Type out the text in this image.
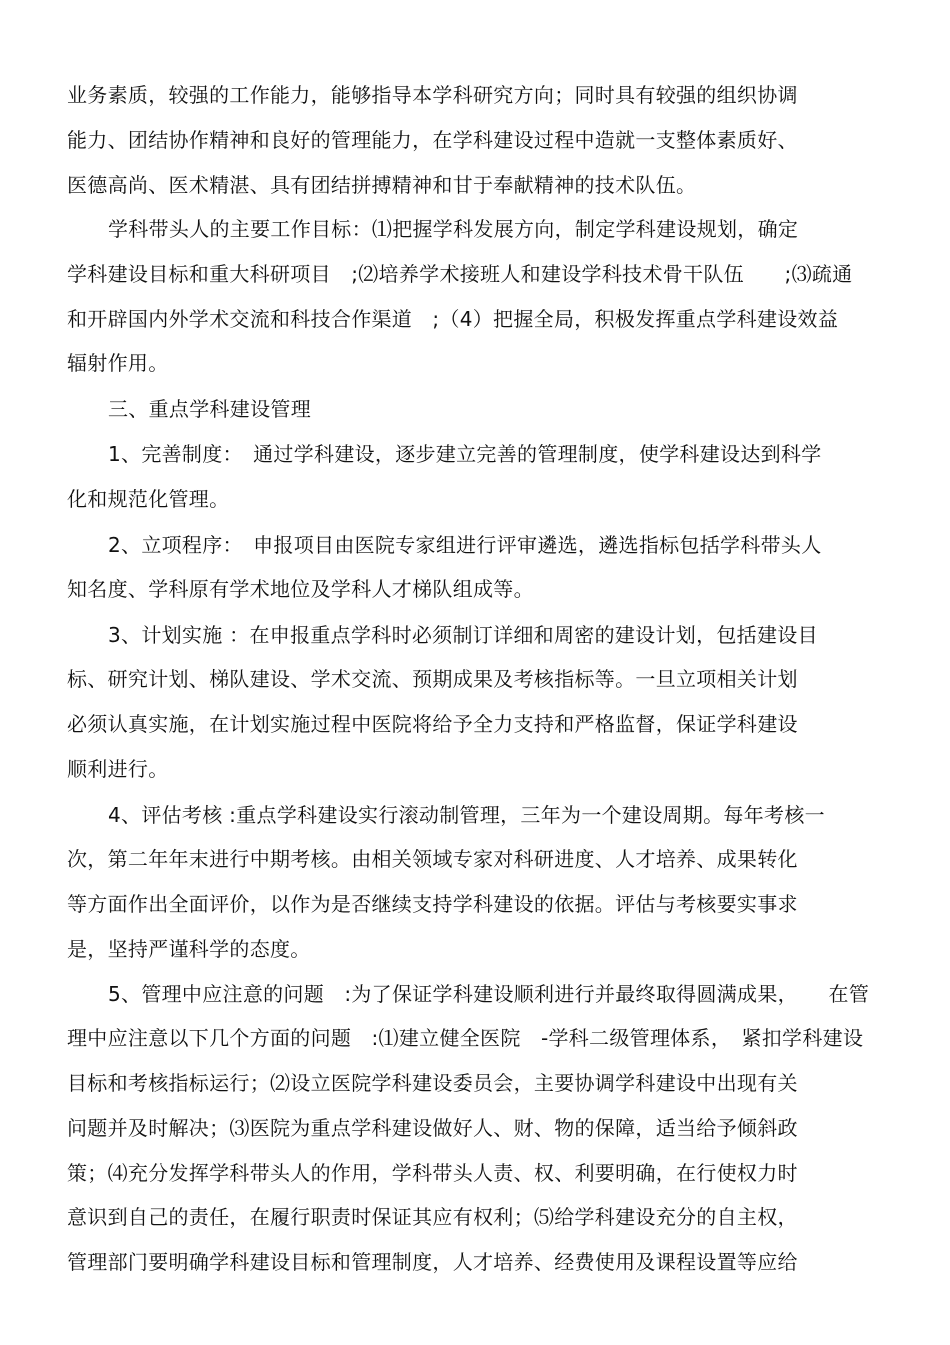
业务素质，较强的工作能力，能够指导本学科研究方向；同时具有较强的组织协调
能力、团结协作精神和良好的管理能力，在学科建设过程中造就一支整体素质好、
医德高尚、医术精湛、具有团结拼搏精神和甘于奉献精神的技术队伍。
学科带头人的主要工作目标：⑴把握学科发展方向，制定学科建设规划，确定
学科建设目标和重大科研项目　;⑵培养学术接班人和建设学科技术骨干队伍　　;⑶疏通
和开辟国内外学术交流和科技合作渠道　;（4）把握全局，积极发挥重点学科建设效益
辐射作用。
三、重点学科建设管理
1、完善制度：　通过学科建设，逐步建立完善的管理制度，使学科建设达到科学
化和规范化管理。
2、立项程序：　申报项目由医院专家组进行评审遴选，遴选指标包括学科带头人
知名度、学科原有学术地位及学科人才梯队组成等。
3、计划实施 ：在申报重点学科时必须制订详细和周密的建设计划，包括建设目
标、研究计划、梯队建设、学术交流、预期成果及考核指标等。一旦立项相关计划
必须认真实施，在计划实施过程中医院将给予全力支持和严格监督，保证学科建设
顺利进行。
4、评估考核 :重点学科建设实行滚动制管理，三年为一个建设周期。每年考核一
次，第二年年末进行中期考核。由相关领域专家对科研进度、人才培养、成果转化
等方面作出全面评价，以作为是否继续支持学科建设的依据。评估与考核要实事求
是，坚持严谨科学的态度。
5、管理中应注意的问题　:为了保证学科建设顺利进行并最终取得圆满成果，　　在管
理中应注意以下几个方面的问题　:⑴建立健全医院　-学科二级管理体系，　紧扣学科建设
目标和考核指标运行；⑵设立医院学科建设委员会，主要协调学科建设中出现有关
问题并及时解决；⑶医院为重点学科建设做好人、财、物的保障，适当给予倾斜政
策；⑷充分发挥学科带头人的作用，学科带头人责、权、利要明确，在行使权力时
意识到自己的责任，在履行职责时保证其应有权利；⑸给学科建设充分的自主权，
管理部门要明确学科建设目标和管理制度，人才培养、经费使用及课程设置等应给
